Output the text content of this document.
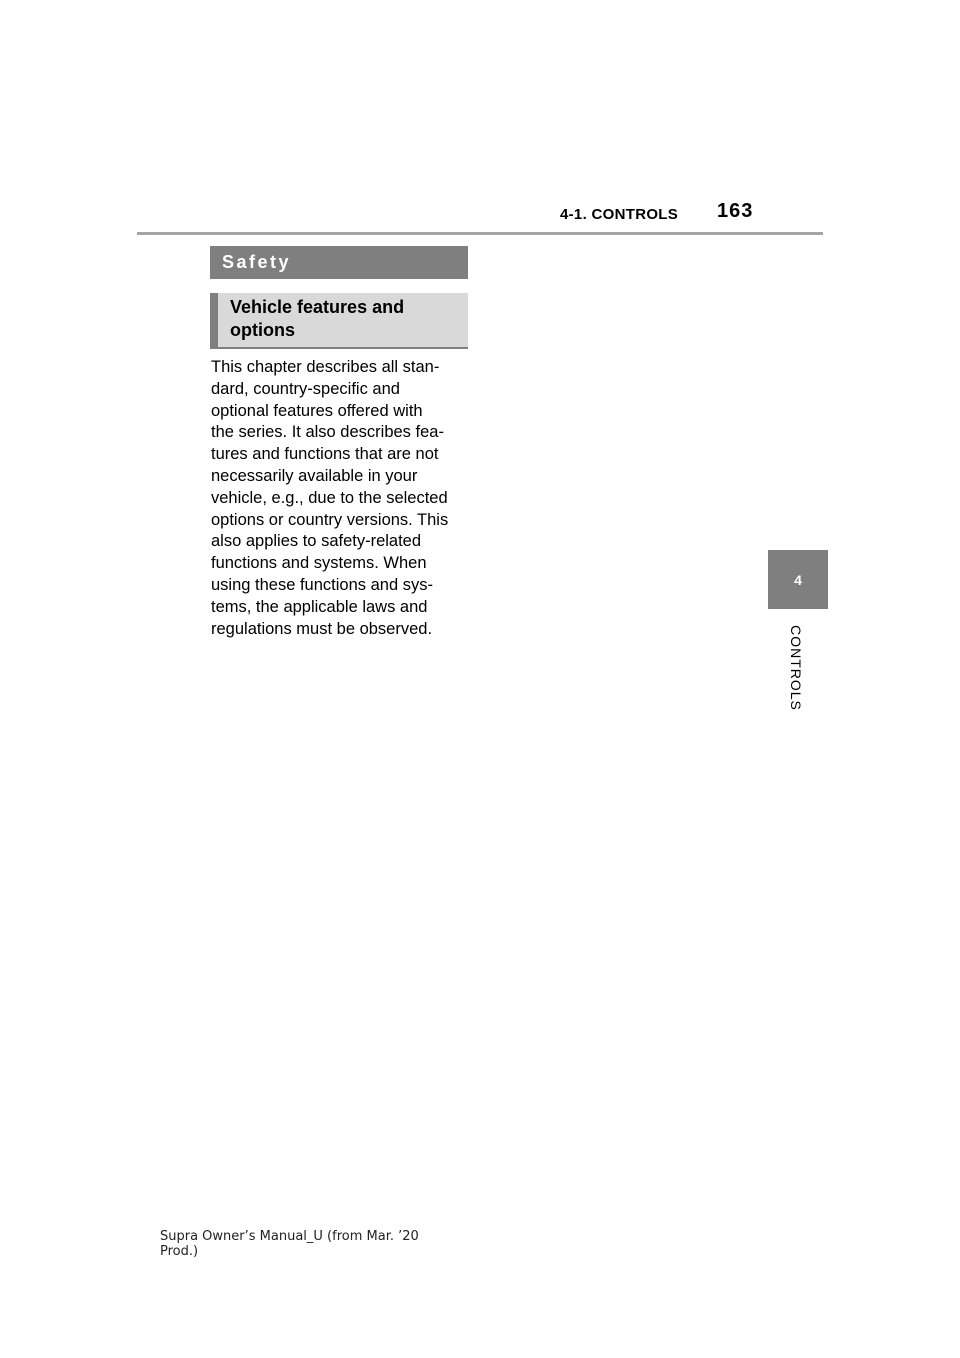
4-1. CONTROLS 163
4
CONTROLS
Safety
Vehicle features and
options
This chapter describes all stan-
dard, country-specific and
optional features offered with
the series. It also describes fea-
tures and functions that are not
necessarily available in your
vehicle, e.g., due to the selected
options or country versions. This
also applies to safety-related
functions and systems. When
using these functions and sys-
tems, the applicable laws and
regulations must be observed.
Supra Owner’s Manual_U (from Mar. ’20
Prod.)
